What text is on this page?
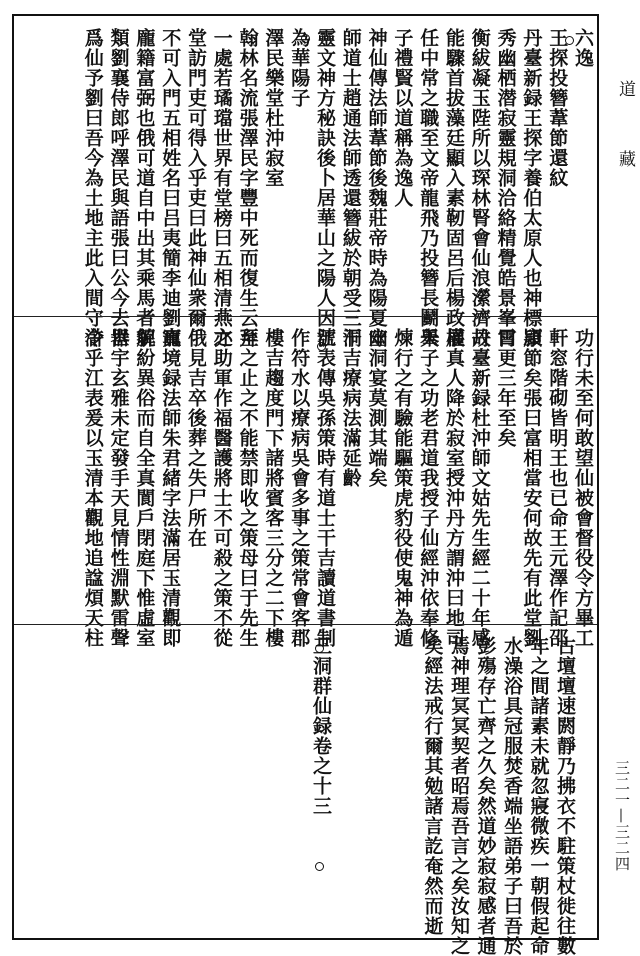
六逸
王探投簪葦節還紋
丹臺新録王探字養伯太原人也神標頴
秀幽栖潜寂靈規洞洽絡精覺皓景峯霄
衡紱凝玉陛所以琛林腎會仙浪瀠濟故
能驟首拔藻廷顯入素靭固呂后楊政權
任中常之職至文帝龍飛乃投簪長鬬天
子禮賢以道稱為逸人
神仙傳法師葦節後魏莊帝時為陽夏守
師道士趙通法師透還簪紱於朝受三洞
靈文神方秘訣後卜居華山之陽人因號
為華陽子
澤民樂堂杜沖寂室
翰林名流張澤民字豐中死而復生云至
一處若璚璫世界有堂榜曰五相清燕之
堂訪門吏可得入乎吏曰此神仙衆爾
不可入門五相姓名曰吕夷簡李迪劉寵
龐籍富弼也俄可道自中出其乘馬者貌
類劉襄侍郎呼澤民與語張曰公今去世
爲仙予劉曰吾今為土地主此入間守令
功行未至何敢望仙被會督役令方畢工
軒窓階砌皆明王也已命王元澤作記邵
康節矣張曰富相當安何故先有此堂劉
曰更三年至矣
丹臺新録杜沖師文姑先生經二十年感
展真人降於寂室授沖丹方謂沖曰地司
舉子之功老君道我授子仙經沖依奉修
煉行之有驗能驅策虎豹役使鬼神為遁
幽洞宴莫測其端矣
干吉療病法滿延齡
江表傳吳孫策時有道士干吉讀道書制
作符水以療病吳會多事之策常會客郡
樓吉趨度門下諸將賓客三分之二下樓
拜之止之不能禁即收之策母曰于先生
亦助軍作福醫護將士不可殺之策不從
俄見吉卒後葬之失尸所在
真境録法師朱君緒字法滿居玉清觀即
解紛異俗而自全真閬戶閉庭下惟虛室
器宇玄雅未定發手天見情性淵默雷聲
滸乎江表爰以玉清本觀地追諡煩天柱
古壇壇速閼靜乃拂衣不駐策杖徙往數
年之間諸素未就忽寢微疾一朝假起命
水澡浴具冠服焚香端坐語弟子曰吾於
彭殤存亡齊之久矣然道妙寂寂感者通
焉神理冥冥契者昭焉吾言之矣汝知之
矣經法戒行爾其勉諸言訖奄然而逝
三洞群仙録卷之十三
道
藏
三二一—三二四
